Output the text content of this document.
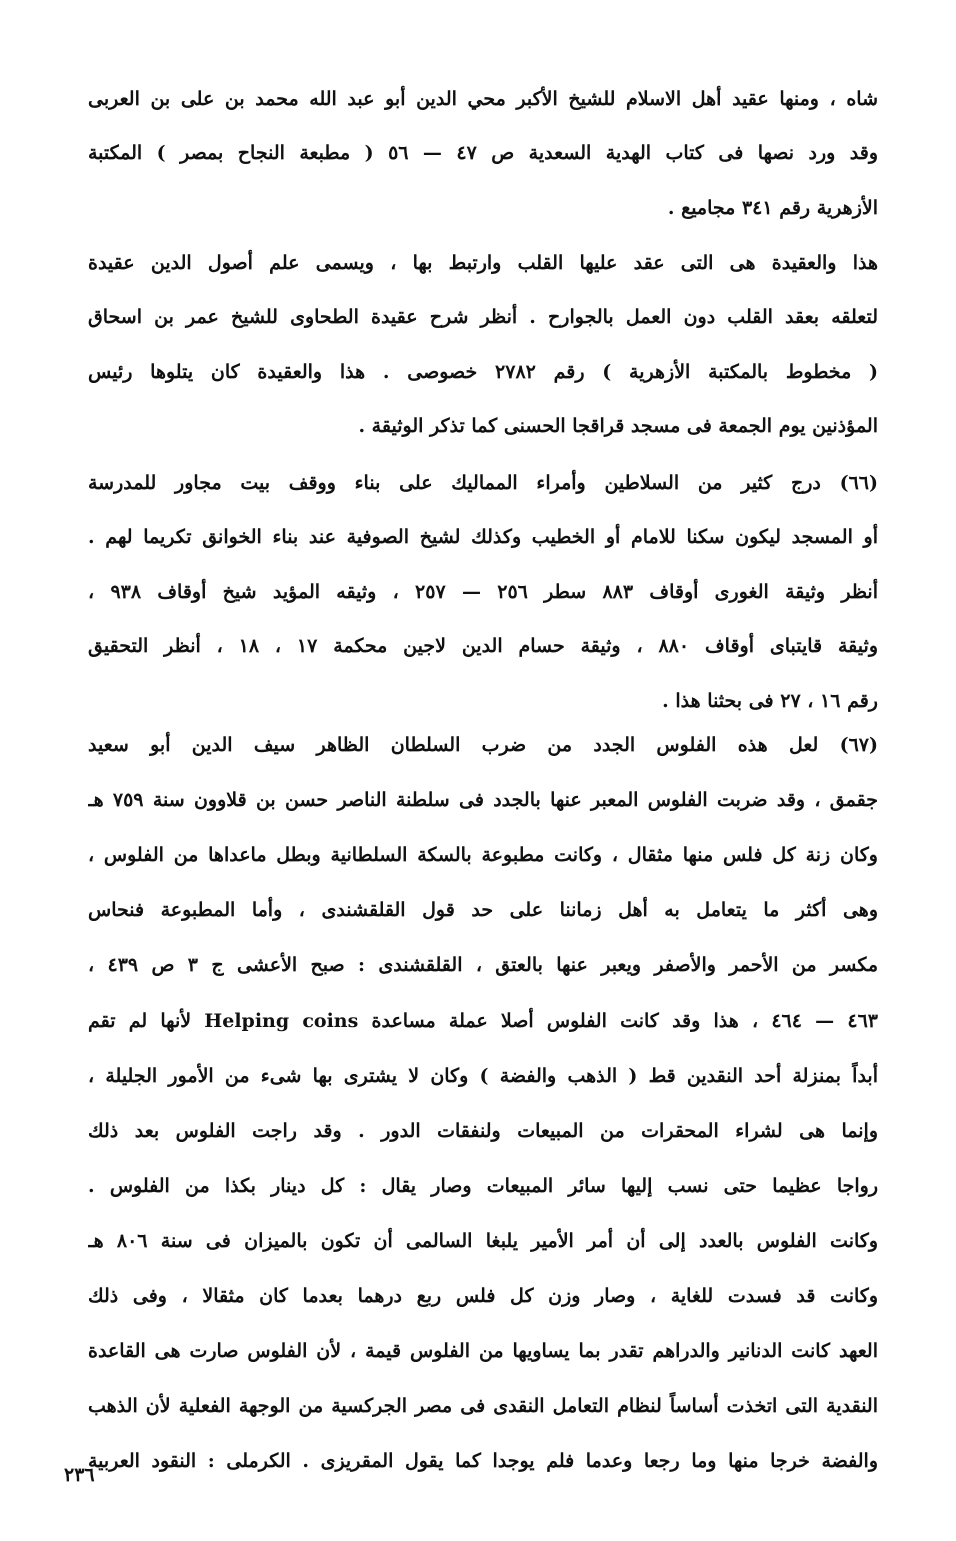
شاه ، ومنها عقيد أهل الاسلام للشيخ الأكبر محي الدين أبو عبد الله محمد بن على بن العربى
وقد ورد نصها فى كتاب الهدية السعدية ص ٤٧ — ٥٦ ( مطبعة النجاح بمصر ) المكتبة
الأزهرية رقم ٣٤١ مجاميع .
هذا والعقيدة هى التى عقد عليها القلب وارتبط بها ، ويسمى علم أصول الدين عقيدة
لتعلقه بعقد القلب دون العمل بالجوارح . أنظر شرح عقيدة الطحاوى للشيخ عمر بن اسحاق
( مخطوط بالمكتبة الأزهرية ) رقم ٢٧٨٢ خصوصى . هذا والعقيدة كان يتلوها رئيس
المؤذنين يوم الجمعة فى مسجد قراقجا الحسنى كما تذكر الوثيقة .
(٦٦) درج كثير من السلاطين وأمراء المماليك على بناء ووقف بيت مجاور للمدرسة
أو المسجد ليكون سكنا للامام أو الخطيب وكذلك لشيخ الصوفية عند بناء الخوانق تكريما لهم .
أنظر وثيقة الغورى أوقاف ٨٨٣ سطر ٢٥٦ — ٢٥٧ ، وثيقه المؤيد شيخ أوقاف ٩٣٨ ،
وثيقة قايتباى أوقاف ٨٨٠ ، وثيقة حسام الدين لاجين محكمة ١٧ ، ١٨ ، أنظر التحقيق
رقم ١٦ ، ٢٧ فى بحثنا هذا .
(٦٧) لعل هذه الفلوس الجدد من ضرب السلطان الظاهر سيف الدين أبو سعيد
جقمق ، وقد ضربت الفلوس المعبر عنها بالجدد فى سلطنة الناصر حسن بن قلاوون سنة ٧٥٩ هـ
وكان زنة كل فلس منها مثقال ، وكانت مطبوعة بالسكة السلطانية وبطل ماعداها من الفلوس ،
وهى أكثر ما يتعامل به أهل زماننا على حد قول القلقشندى ، وأما المطبوعة فنحاس
مكسر من الأحمر والأصفر ويعبر عنها بالعتق ، القلقشندى : صبح الأعشى ج ٣ ص ٤٣٩ ،
٤٦٣ — ٤٦٤ ، هذا وقد كانت الفلوس أصلا عملة مساعدة Helping coins لأنها لم تقم
أبداً بمنزلة أحد النقدين قط ( الذهب والفضة ) وكان لا يشترى بها شىء من الأمور الجليلة ،
وإنما هى لشراء المحقرات من المبيعات ولنفقات الدور . وقد راجت الفلوس بعد ذلك
رواجا عظيما حتى نسب إليها سائر المبيعات وصار يقال : كل دينار بكذا من الفلوس .
وكانت الفلوس بالعدد إلى أن أمر الأمير يلبغا السالمى أن تكون بالميزان فى سنة ٨٠٦ هـ
وكانت قد فسدت للغاية ، وصار وزن كل فلس ربع درهما بعدما كان مثقالا ، وفى ذلك
العهد كانت الدنانير والدراهم تقدر بما يساويها من الفلوس قيمة ، لأن الفلوس صارت هى القاعدة
النقدية التى اتخذت أساساً لنظام التعامل النقدى فى مصر الجركسية من الوجهة الفعلية لأن الذهب
والفضة خرجا منها وما رجعا وعدما فلم يوجدا كما يقول المقريزى . الكرملى : النقود العربية
٢٣٦
